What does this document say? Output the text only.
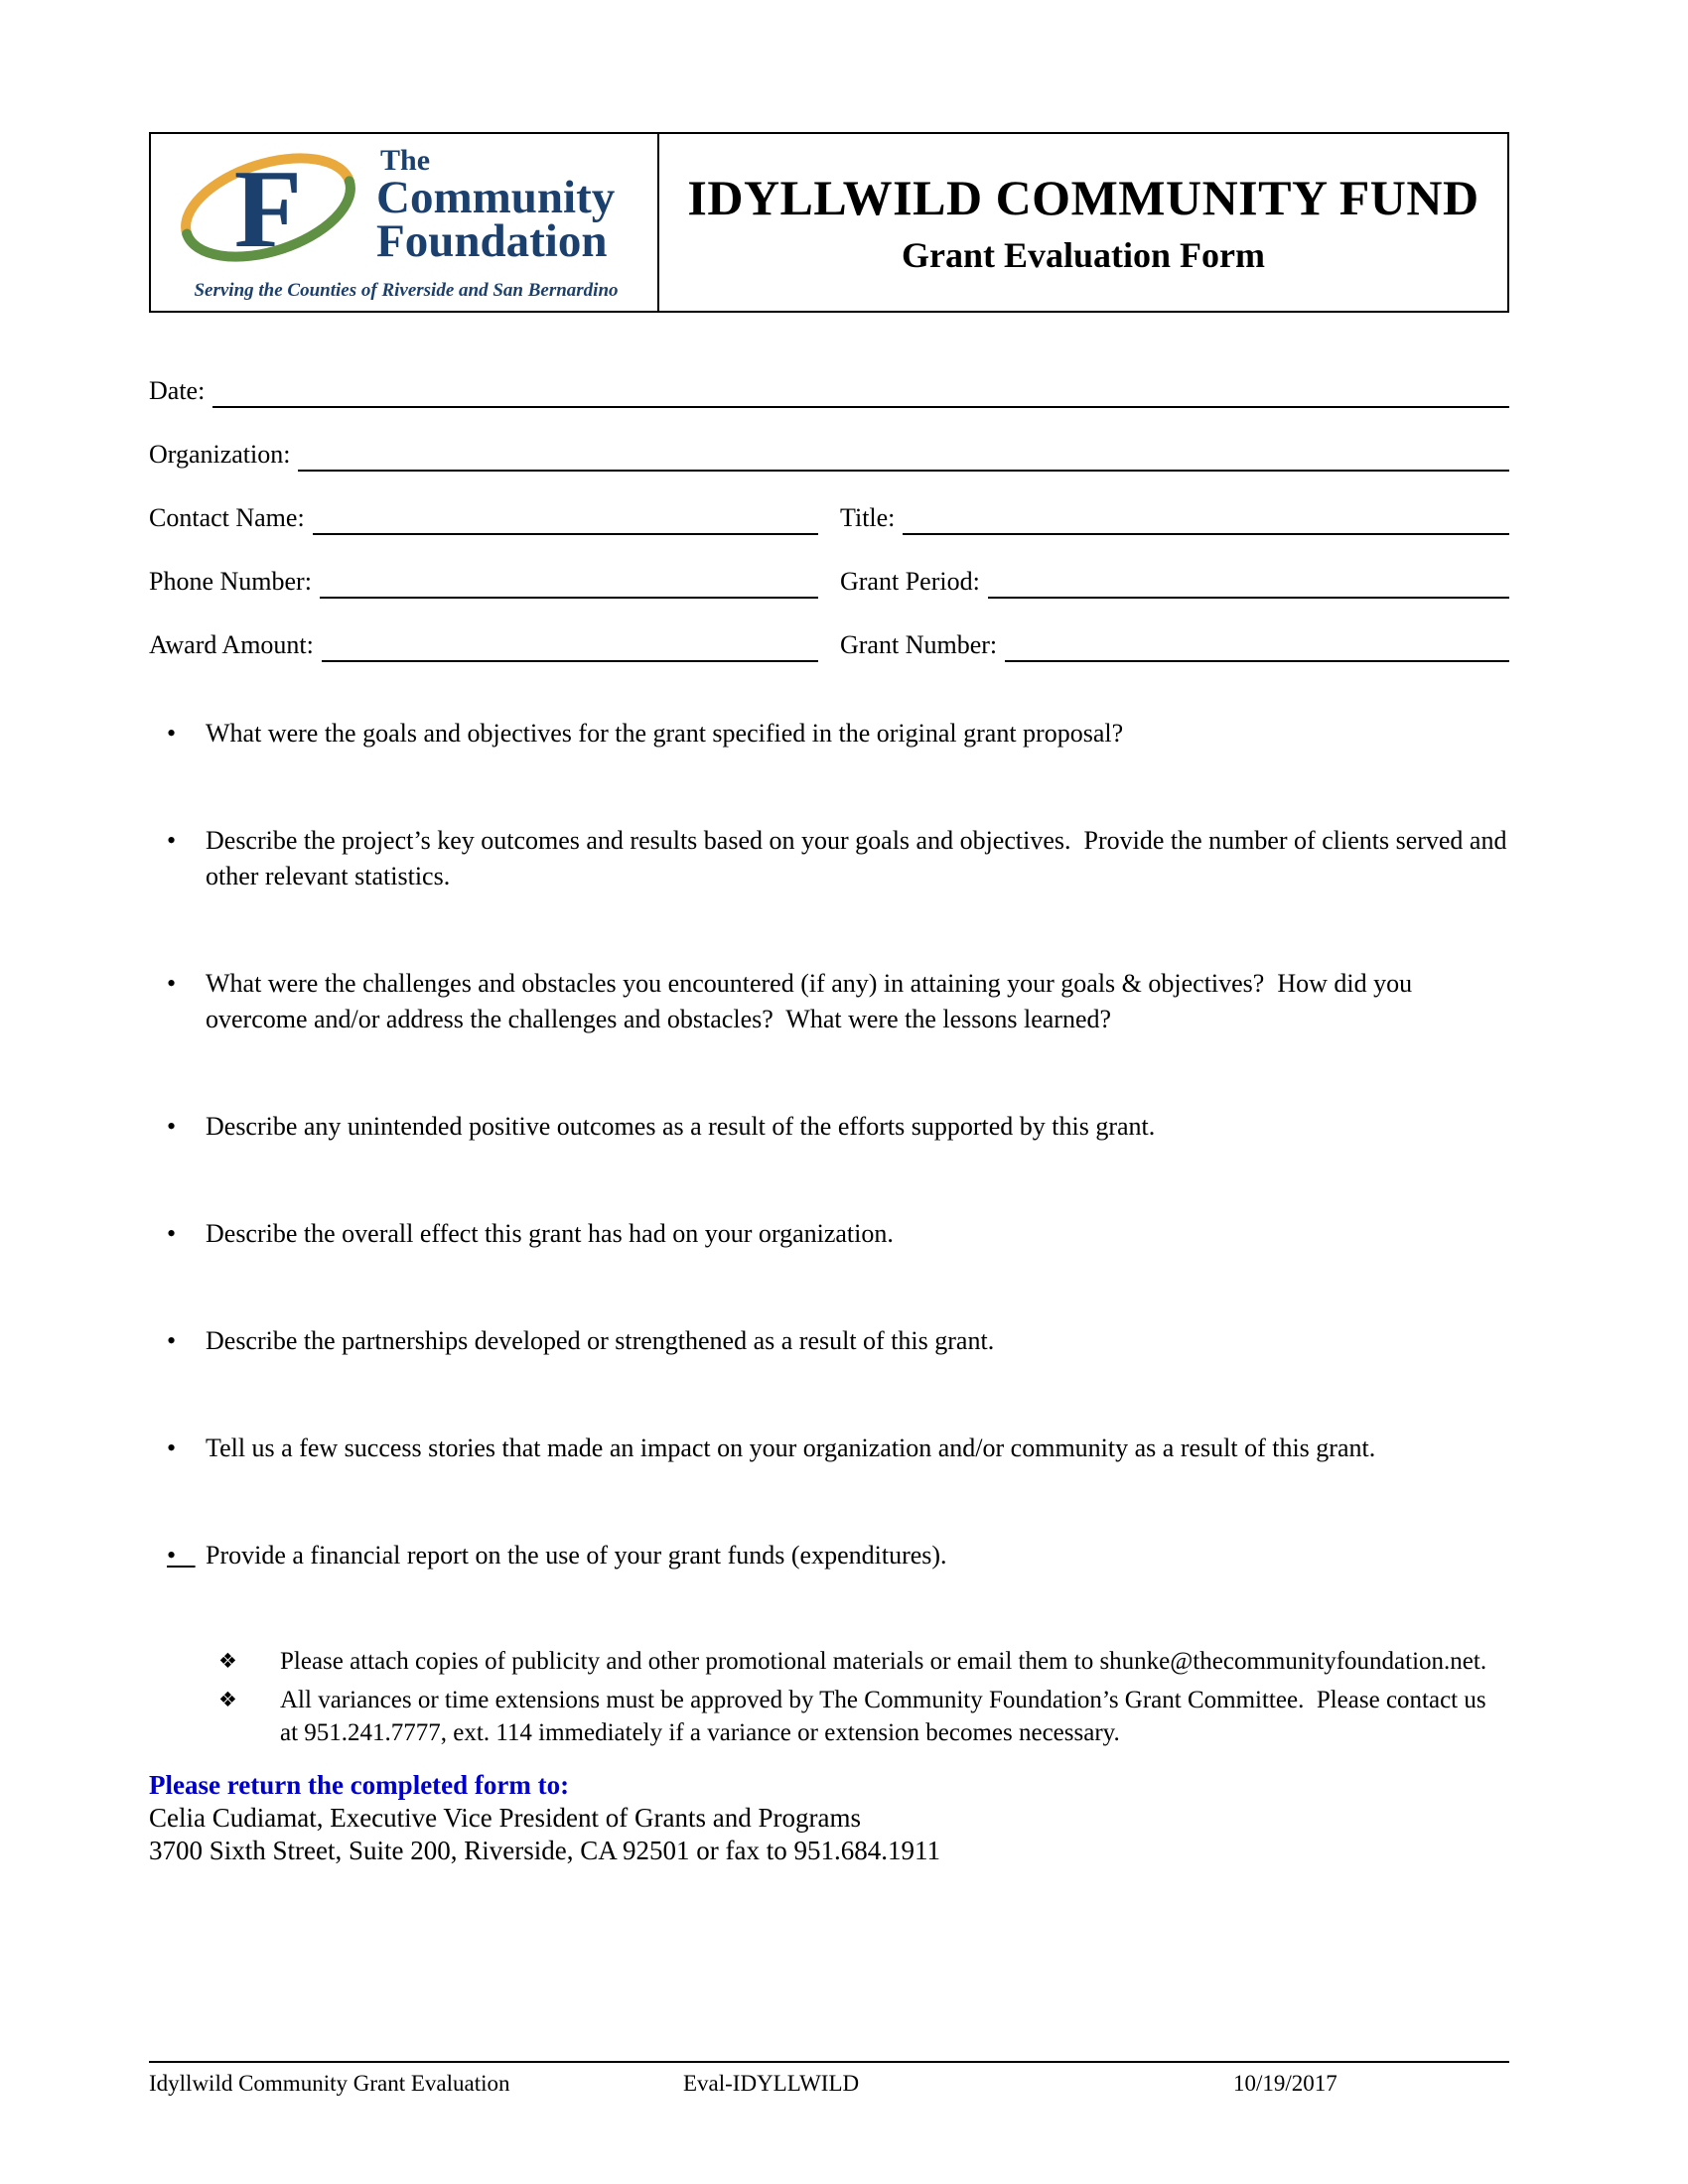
F	The
Community
Foundation
Serving the Counties of Riverside and San Bernardino
IDYLLWILD COMMUNITY FUND
Grant Evaluation Form
Date:
Organization:
Contact Name:	Title:
Phone Number:	Grant Period:
Award Amount:	Grant Number:
•	What were the goals and objectives for the grant specified in the original grant proposal?
•	Describe the project’s key outcomes and results based on your goals and objectives.  Provide the number of clients served and other relevant statistics.
•	What were the challenges and obstacles you encountered (if any) in attaining your goals & objectives?  How did you overcome and/or address the challenges and obstacles?  What were the lessons learned?
•	Describe any unintended positive outcomes as a result of the efforts supported by this grant.
•	Describe the overall effect this grant has had on your organization.
•	Describe the partnerships developed or strengthened as a result of this grant.
•	Tell us a few success stories that made an impact on your organization and/or community as a result of this grant.
• Provide a financial report on the use of your grant funds (expenditures).
❖	Please attach copies of publicity and other promotional materials or email them to shunke@thecommunityfoundation.net.
❖	All variances or time extensions must be approved by The Community Foundation’s Grant Committee.  Please contact us at 951.241.7777, ext. 114 immediately if a variance or extension becomes necessary.
Please return the completed form to:
Celia Cudiamat, Executive Vice President of Grants and Programs
3700 Sixth Street, Suite 200, Riverside, CA 92501 or fax to 951.684.1911
Idyllwild Community Grant Evaluation	Eval-IDYLLWILD	10/19/2017
